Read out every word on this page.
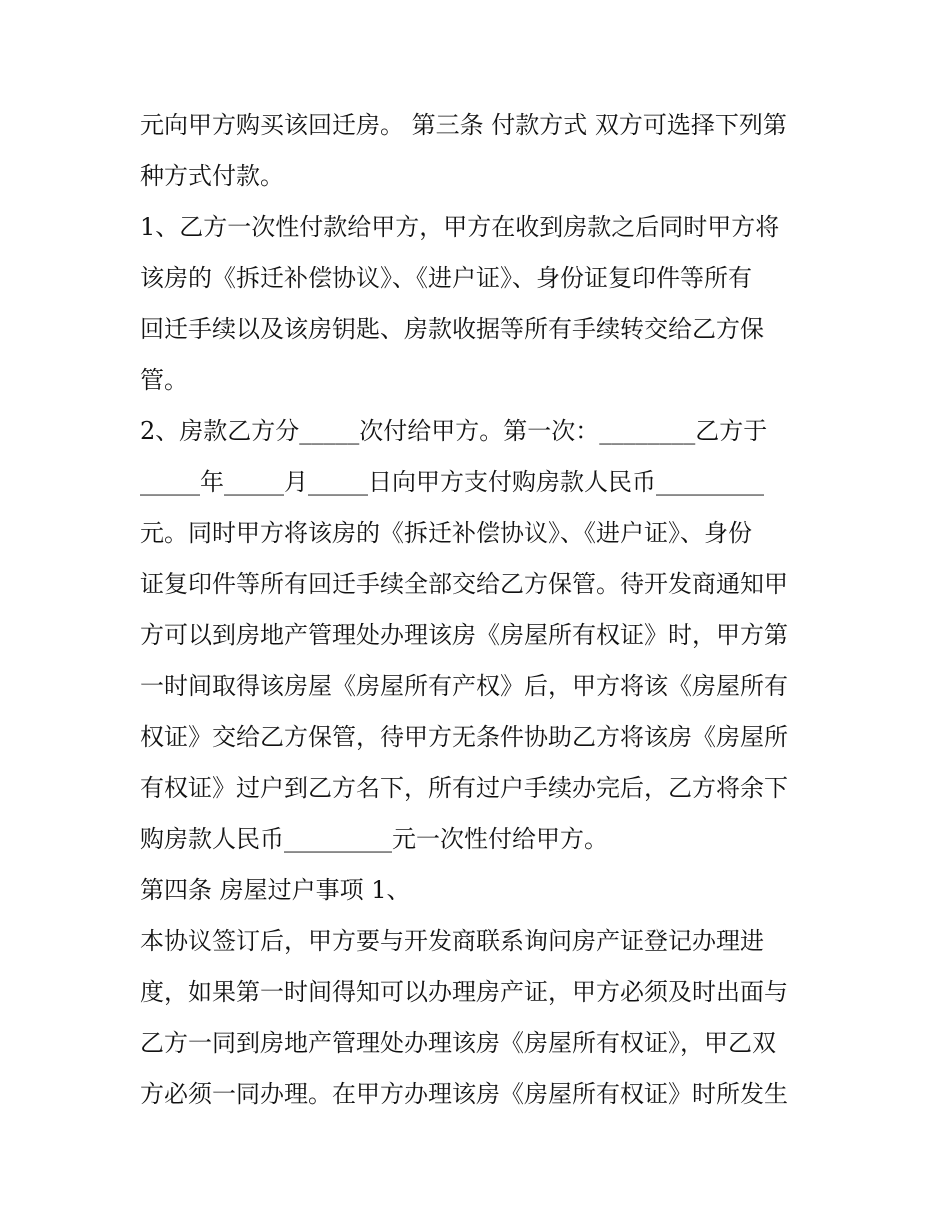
元向甲方购买该回迁房。 第三条 付款方式 双方可选择下列第
种方式付款。
1、乙方一次性付款给甲方，甲方在收到房款之后同时甲方将
该房的《拆迁补偿协议》、《进户证》、身份证复印件等所有
回迁手续以及该房钥匙、房款收据等所有手续转交给乙方保
管。
2、房款乙方分_____次付给甲方。第一次：________乙方于
_____年_____月_____日向甲方支付购房款人民币_________
元。同时甲方将该房的《拆迁补偿协议》、《进户证》、身份
证复印件等所有回迁手续全部交给乙方保管。待开发商通知甲
方可以到房地产管理处办理该房《房屋所有权证》时，甲方第
一时间取得该房屋《房屋所有产权》后，甲方将该《房屋所有
权证》交给乙方保管，待甲方无条件协助乙方将该房《房屋所
有权证》过户到乙方名下，所有过户手续办完后，乙方将余下
购房款人民币_________元一次性付给甲方。
第四条 房屋过户事项 1、
本协议签订后，甲方要与开发商联系询问房产证登记办理进
度，如果第一时间得知可以办理房产证，甲方必须及时出面与
乙方一同到房地产管理处办理该房《房屋所有权证》，甲乙双
方必须一同办理。在甲方办理该房《房屋所有权证》时所发生
